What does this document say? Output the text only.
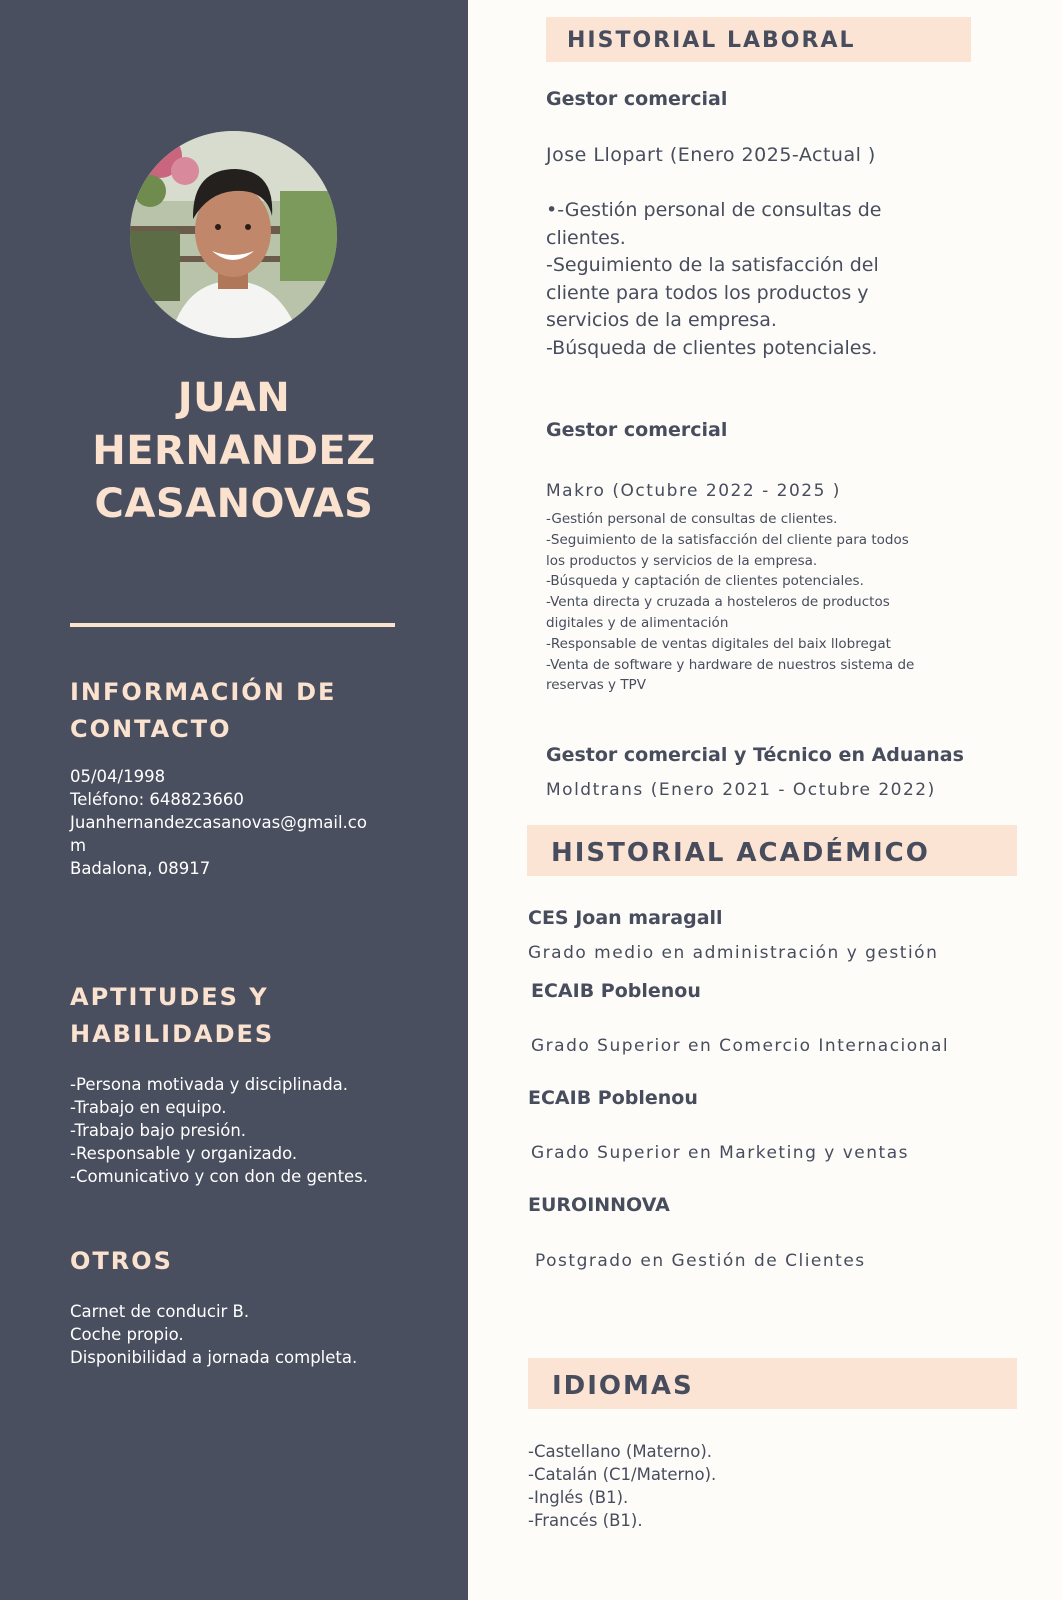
JUAN
HERNANDEZ
CASANOVAS
INFORMACIÓN DE
CONTACTO
05/04/1998
Teléfono: 648823660
Juanhernandezcasanovas@gmail.co
m
Badalona, 08917
APTITUDES Y
HABILIDADES
-Persona motivada y disciplinada.
-Trabajo en equipo.
-Trabajo bajo presión.
-Responsable y organizado.
-Comunicativo y con don de gentes.
OTROS
Carnet de conducir B.
Coche propio.
Disponibilidad a jornada completa.
HISTORIAL LABORAL
Gestor comercial
Jose Llopart (Enero 2025-Actual )
•-Gestión personal de consultas de
clientes.
-Seguimiento de la satisfacción del
cliente para todos los productos y
servicios de la empresa.
-Búsqueda de clientes potenciales.
Gestor comercial
Makro (Octubre 2022 - 2025 )
-Gestión personal de consultas de clientes.
-Seguimiento de la satisfacción del cliente para todos
los productos y servicios de la empresa.
-Búsqueda y captación de clientes potenciales.
-Venta directa y cruzada a hosteleros de productos
digitales y de alimentación
-Responsable de ventas digitales del baix llobregat
-Venta de software y hardware de nuestros sistema de
reservas y TPV
Gestor comercial y Técnico en Aduanas
Moldtrans (Enero 2021 - Octubre 2022)
HISTORIAL ACADÉMICO
CES Joan maragall
Grado medio en administración y gestión
ECAIB Poblenou
Grado Superior en Comercio Internacional
ECAIB Poblenou
Grado Superior en Marketing y ventas
EUROINNOVA
Postgrado en Gestión de Clientes
IDIOMAS
-Castellano (Materno).
-Catalán (C1/Materno).
-Inglés (B1).
-Francés (B1).
